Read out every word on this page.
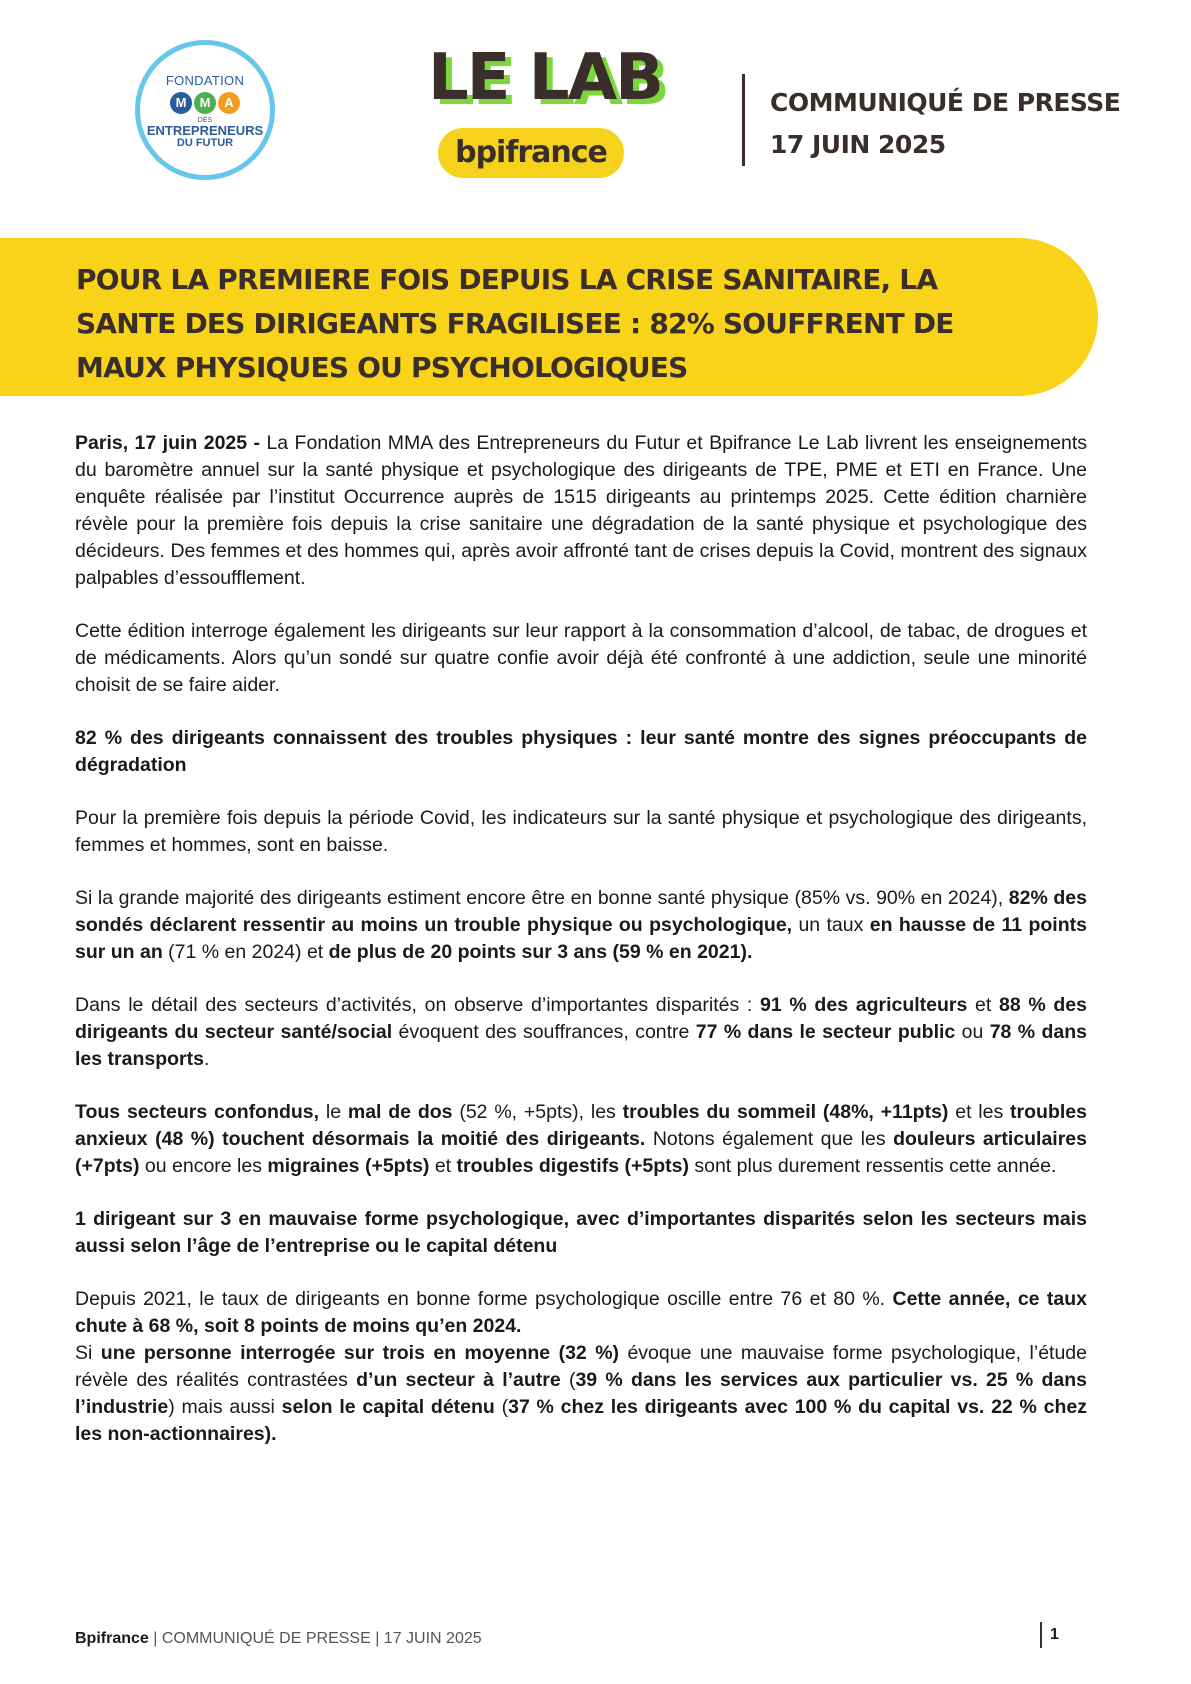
FONDATION
M M A
DES
ENTREPRENEURS
DU FUTUR
LE LAB
bpifrance
COMMUNIQUÉ DE PRESSE
17 JUIN 2025
POUR LA PREMIERE FOIS DEPUIS LA CRISE SANITAIRE, LA SANTE DES DIRIGEANTS FRAGILISEE : 82% SOUFFRENT DE MAUX PHYSIQUES OU PSYCHOLOGIQUES

Paris, 17 juin 2025 - La Fondation MMA des Entrepreneurs du Futur et Bpifrance Le Lab livrent les enseignements du baromètre annuel sur la santé physique et psychologique des dirigeants de TPE, PME et ETI en France. Une enquête réalisée par l’institut Occurrence auprès de 1515 dirigeants au printemps 2025. Cette édition charnière révèle pour la première fois depuis la crise sanitaire une dégradation de la santé physique et psychologique des décideurs. Des femmes et des hommes qui, après avoir affronté tant de crises depuis la Covid, montrent des signaux palpables d’essoufflement.

Cette édition interroge également les dirigeants sur leur rapport à la consommation d’alcool, de tabac, de drogues et de médicaments. Alors qu’un sondé sur quatre confie avoir déjà été confronté à une addiction, seule une minorité choisit de se faire aider.

82 % des dirigeants connaissent des troubles physiques : leur santé montre des signes préoccupants de dégradation

Pour la première fois depuis la période Covid, les indicateurs sur la santé physique et psychologique des dirigeants, femmes et hommes, sont en baisse.

Si la grande majorité des dirigeants estiment encore être en bonne santé physique (85% vs. 90% en 2024), 82% des sondés déclarent ressentir au moins un trouble physique ou psychologique, un taux en hausse de 11 points sur un an (71 % en 2024) et de plus de 20 points sur 3 ans (59 % en 2021).

Dans le détail des secteurs d’activités, on observe d’importantes disparités : 91 % des agriculteurs et 88 % des dirigeants du secteur santé/social évoquent des souffrances, contre 77 % dans le secteur public ou 78 % dans les transports.

Tous secteurs confondus, le mal de dos (52 %, +5pts), les troubles du sommeil (48%, +11pts) et les troubles anxieux (48 %) touchent désormais la moitié des dirigeants. Notons également que les douleurs articulaires (+7pts) ou encore les migraines (+5pts) et troubles digestifs (+5pts) sont plus durement ressentis cette année.

1 dirigeant sur 3 en mauvaise forme psychologique, avec d’importantes disparités selon les secteurs mais aussi selon l’âge de l’entreprise ou le capital détenu

Depuis 2021, le taux de dirigeants en bonne forme psychologique oscille entre 76 et 80 %. Cette année, ce taux chute à 68 %, soit 8 points de moins qu’en 2024.

Si une personne interrogée sur trois en moyenne (32 %) évoque une mauvaise forme psychologique, l’étude révèle des réalités contrastées d’un secteur à l’autre (39 % dans les services aux particulier vs. 25 % dans l’industrie) mais aussi selon le capital détenu (37 % chez les dirigeants avec 100 % du capital vs. 22 % chez les non-actionnaires).

Bpifrance | COMMUNIQUÉ DE PRESSE | 17 JUIN 2025	1
